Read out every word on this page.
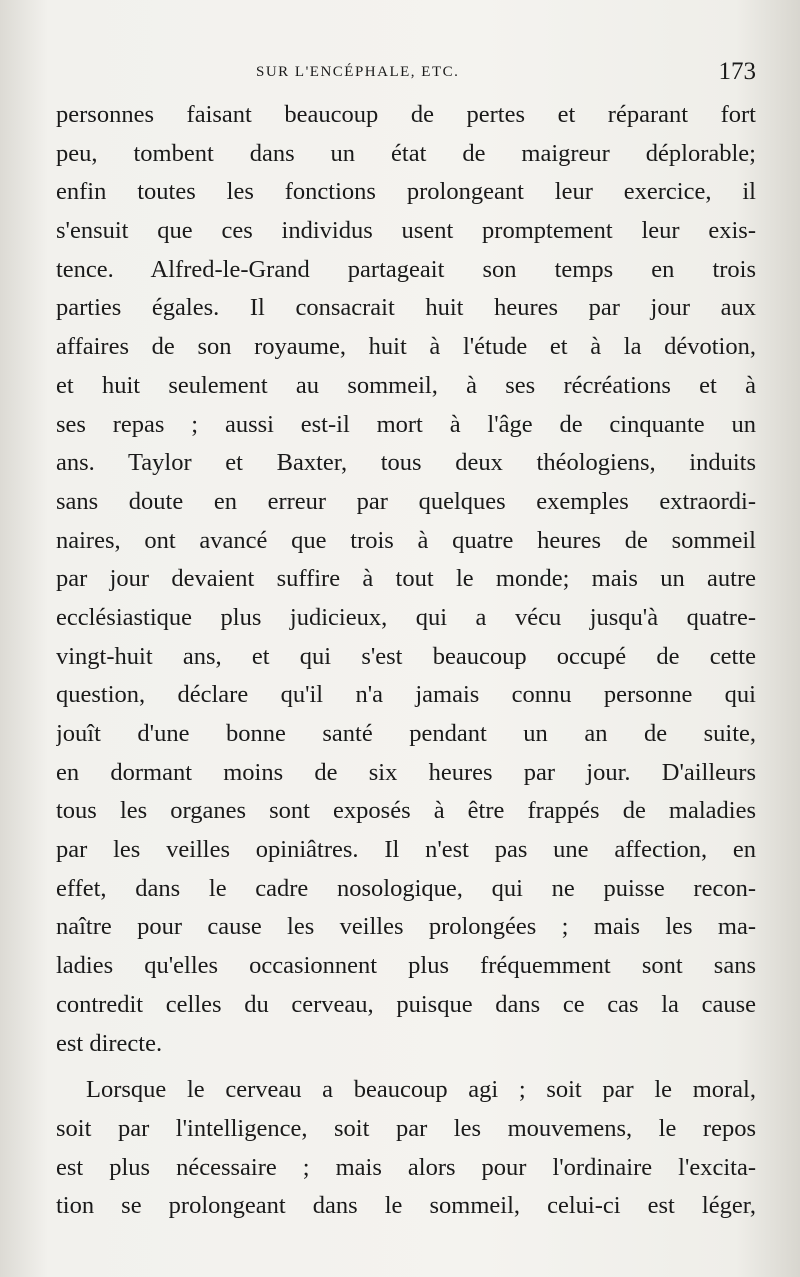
SUR L'ENCÉPHALE, ETC.	173
personnes faisant beaucoup de pertes et réparant fort
peu, tombent dans un état de maigreur déplorable;
enfin toutes les fonctions prolongeant leur exercice, il
s'ensuit que ces individus usent promptement leur exis-
tence. Alfred-le-Grand partageait son temps en trois
parties égales. Il consacrait huit heures par jour aux
affaires de son royaume, huit à l'étude et à la dévotion,
et huit seulement au sommeil, à ses récréations et à
ses repas ; aussi est-il mort à l'âge de cinquante un
ans. Taylor et Baxter, tous deux théologiens, induits
sans doute en erreur par quelques exemples extraordi-
naires, ont avancé que trois à quatre heures de sommeil
par jour devaient suffire à tout le monde; mais un autre
ecclésiastique plus judicieux, qui a vécu jusqu'à quatre-
vingt-huit ans, et qui s'est beaucoup occupé de cette
question, déclare qu'il n'a jamais connu personne qui
jouît d'une bonne santé pendant un an de suite,
en dormant moins de six heures par jour. D'ailleurs
tous les organes sont exposés à être frappés de maladies
par les veilles opiniâtres. Il n'est pas une affection, en
effet, dans le cadre nosologique, qui ne puisse recon-
naître pour cause les veilles prolongées ; mais les ma-
ladies qu'elles occasionnent plus fréquemment sont sans
contredit celles du cerveau, puisque dans ce cas la cause
est directe.
Lorsque le cerveau a beaucoup agi ; soit par le moral,
soit par l'intelligence, soit par les mouvemens, le repos
est plus nécessaire ; mais alors pour l'ordinaire l'excita-
tion se prolongeant dans le sommeil, celui-ci est léger,
